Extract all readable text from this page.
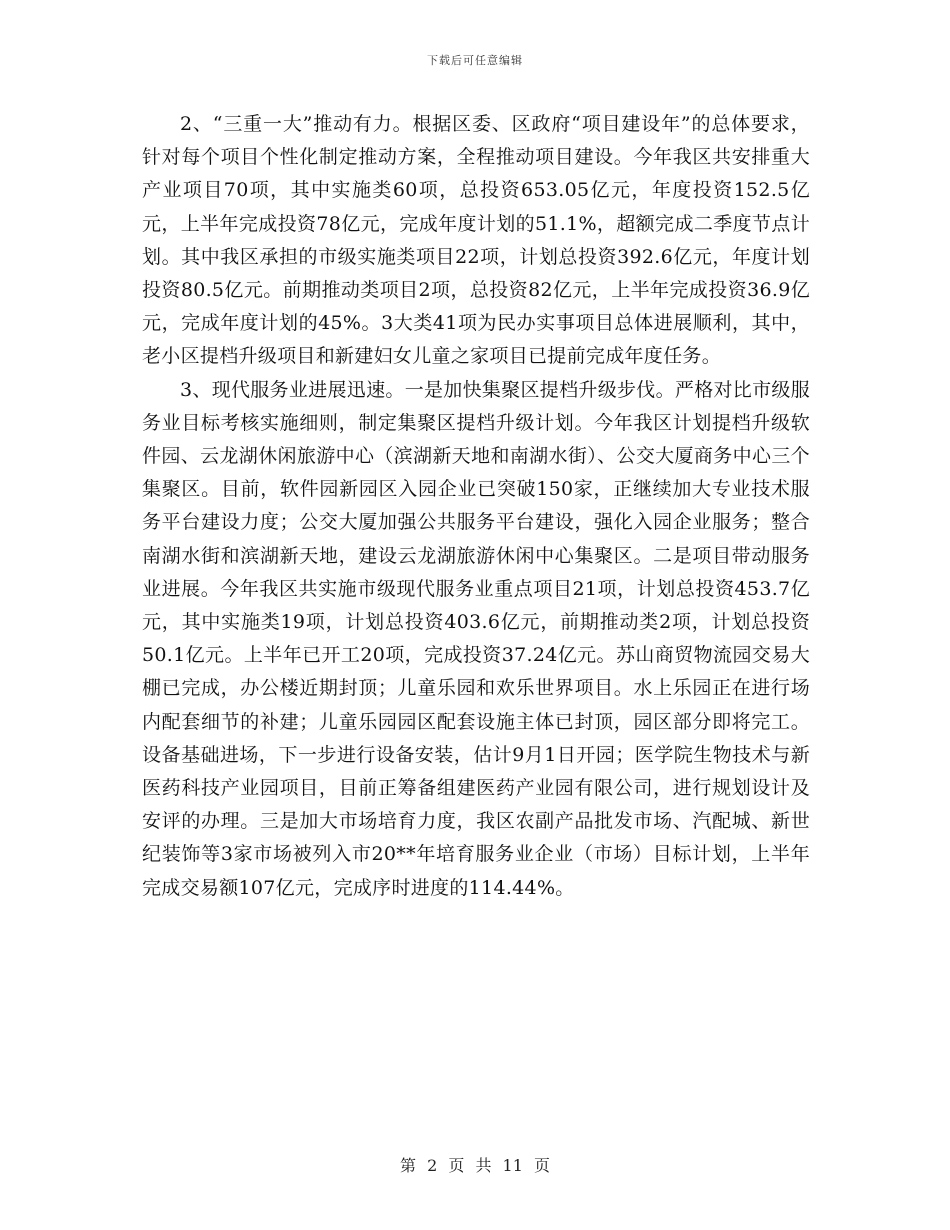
下载后可任意编辑

2、“三重一大”推动有力。根据区委、区政府“项目建设年”的总体要求，针对每个项目个性化制定推动方案，全程推动项目建设。今年我区共安排重大产业项目70项，其中实施类60项，总投资653.05亿元，年度投资152.5亿元，上半年完成投资78亿元，完成年度计划的51.1%，超额完成二季度节点计划。其中我区承担的市级实施类项目22项，计划总投资392.6亿元，年度计划投资80.5亿元。前期推动类项目2项，总投资82亿元，上半年完成投资36.9亿元，完成年度计划的45%。3大类41项为民办实事项目总体进展顺利，其中，老小区提档升级项目和新建妇女儿童之家项目已提前完成年度任务。

3、现代服务业进展迅速。一是加快集聚区提档升级步伐。严格对比市级服务业目标考核实施细则，制定集聚区提档升级计划。今年我区计划提档升级软件园、云龙湖休闲旅游中心（滨湖新天地和南湖水街）、公交大厦商务中心三个集聚区。目前，软件园新园区入园企业已突破150家，正继续加大专业技术服务平台建设力度；公交大厦加强公共服务平台建设，强化入园企业服务；整合南湖水街和滨湖新天地，建设云龙湖旅游休闲中心集聚区。二是项目带动服务业进展。今年我区共实施市级现代服务业重点项目21项，计划总投资453.7亿元，其中实施类19项，计划总投资403.6亿元，前期推动类2项，计划总投资50.1亿元。上半年已开工20项，完成投资37.24亿元。苏山商贸物流园交易大棚已完成，办公楼近期封顶；儿童乐园和欢乐世界项目。水上乐园正在进行场内配套细节的补建；儿童乐园园区配套设施主体已封顶，园区部分即将完工。设备基础进场，下一步进行设备安装，估计9月1日开园；医学院生物技术与新医药科技产业园项目，目前正筹备组建医药产业园有限公司，进行规划设计及安评的办理。三是加大市场培育力度，我区农副产品批发市场、汽配城、新世纪装饰等3家市场被列入市20**年培育服务业企业（市场）目标计划，上半年完成交易额107亿元，完成序时进度的114.44%。

第 2 页 共 11 页
